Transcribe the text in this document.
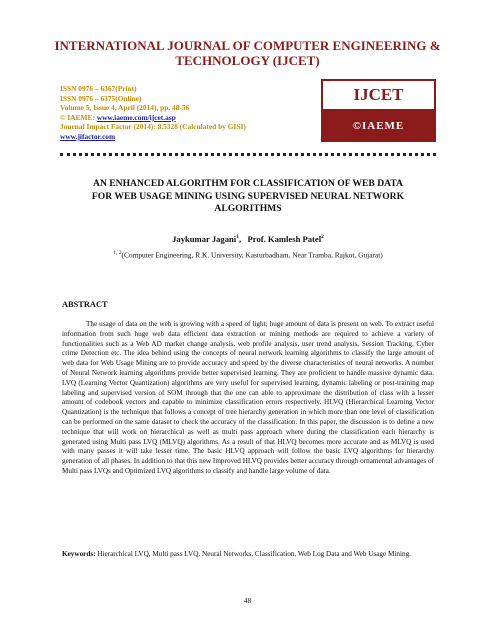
INTERNATIONAL JOURNAL OF COMPUTER ENGINEERING &
TECHNOLOGY (IJCET)
ISSN 0976 – 6367(Print)
ISSN 0976 – 6375(Online)
Volume 5, Issue 4, April (2014), pp. 48-56
© IAEME: www.iaeme.com/ijcet.asp
Journal Impact Factor (2014): 8.5328 (Calculated by GISI)
www.jifactor.com
IJCET
©IAEME
AN ENHANCED ALGORITHM FOR CLASSIFICATION OF WEB DATA
FOR WEB USAGE MINING USING SUPERVISED NEURAL NETWORK
ALGORITHMS
Jaykumar Jagani$^1$,   Prof. Kamlesh Patel$^2$
$^{1, 2}$(Computer Engineering, R.K. University, Kasturbadham, Near Tramba, Rajkot, Gujarat)
ABSTRACT
The usage of data on the web is growing with a speed of light; huge amount of data is present on web. To extract useful information from such huge web data efficient data extraction or mining methods are required to achieve a variety of functionalities such as a Web AD market change analysis, web profile analysis, user trend analysis, Session Tracking, Cyber crime Detection etc. The idea behind using the concepts of neural network learning algorithms to classify the large amount of web data for Web Usage Mining are to provide accuracy and speed by the diverse characteristics of neural networks. A number of Neural Network learning algorithms provide better supervised learning. They are proficient to handle massive dynamic data. LVQ (Learning Vector Quantization) algorithms are very useful for supervised learning, dynamic labeling or post-training map labeling and supervised version of SOM through that the one can able to approximate the distribution of class with a lesser amount of codebook vectors and capable to minimize classification errors respectively. HLVQ (Hierarchical Learning Vector Quantization) is the technique that follows a concept of tree hierarchy generation in which more than one level of classification can be performed on the same dataset to check the accuracy of the classification. In this paper, the discussion is to define a new technique that will work on hierarchical as well as multi pass approach where during the classification each hierarchy is generated using Multi pass LVQ (MLVQ) algorithms. As a result of that HLVQ becomes more accurate and as MLVQ is used with many passes it will take lesser time. The basic HLVQ approach will follow the basic LVQ algorithms for hierarchy generation of all phases. In addition to that this new Improved HLVQ provides better accuracy through ornamental advantages of Multi pass LVQs and Optimized LVQ algorithms to classify and handle large volume of data.
Keywords: Hierarchical LVQ, Multi pass LVQ, Neural Networks, Classification, Web Log Data and Web Usage Mining.
48
